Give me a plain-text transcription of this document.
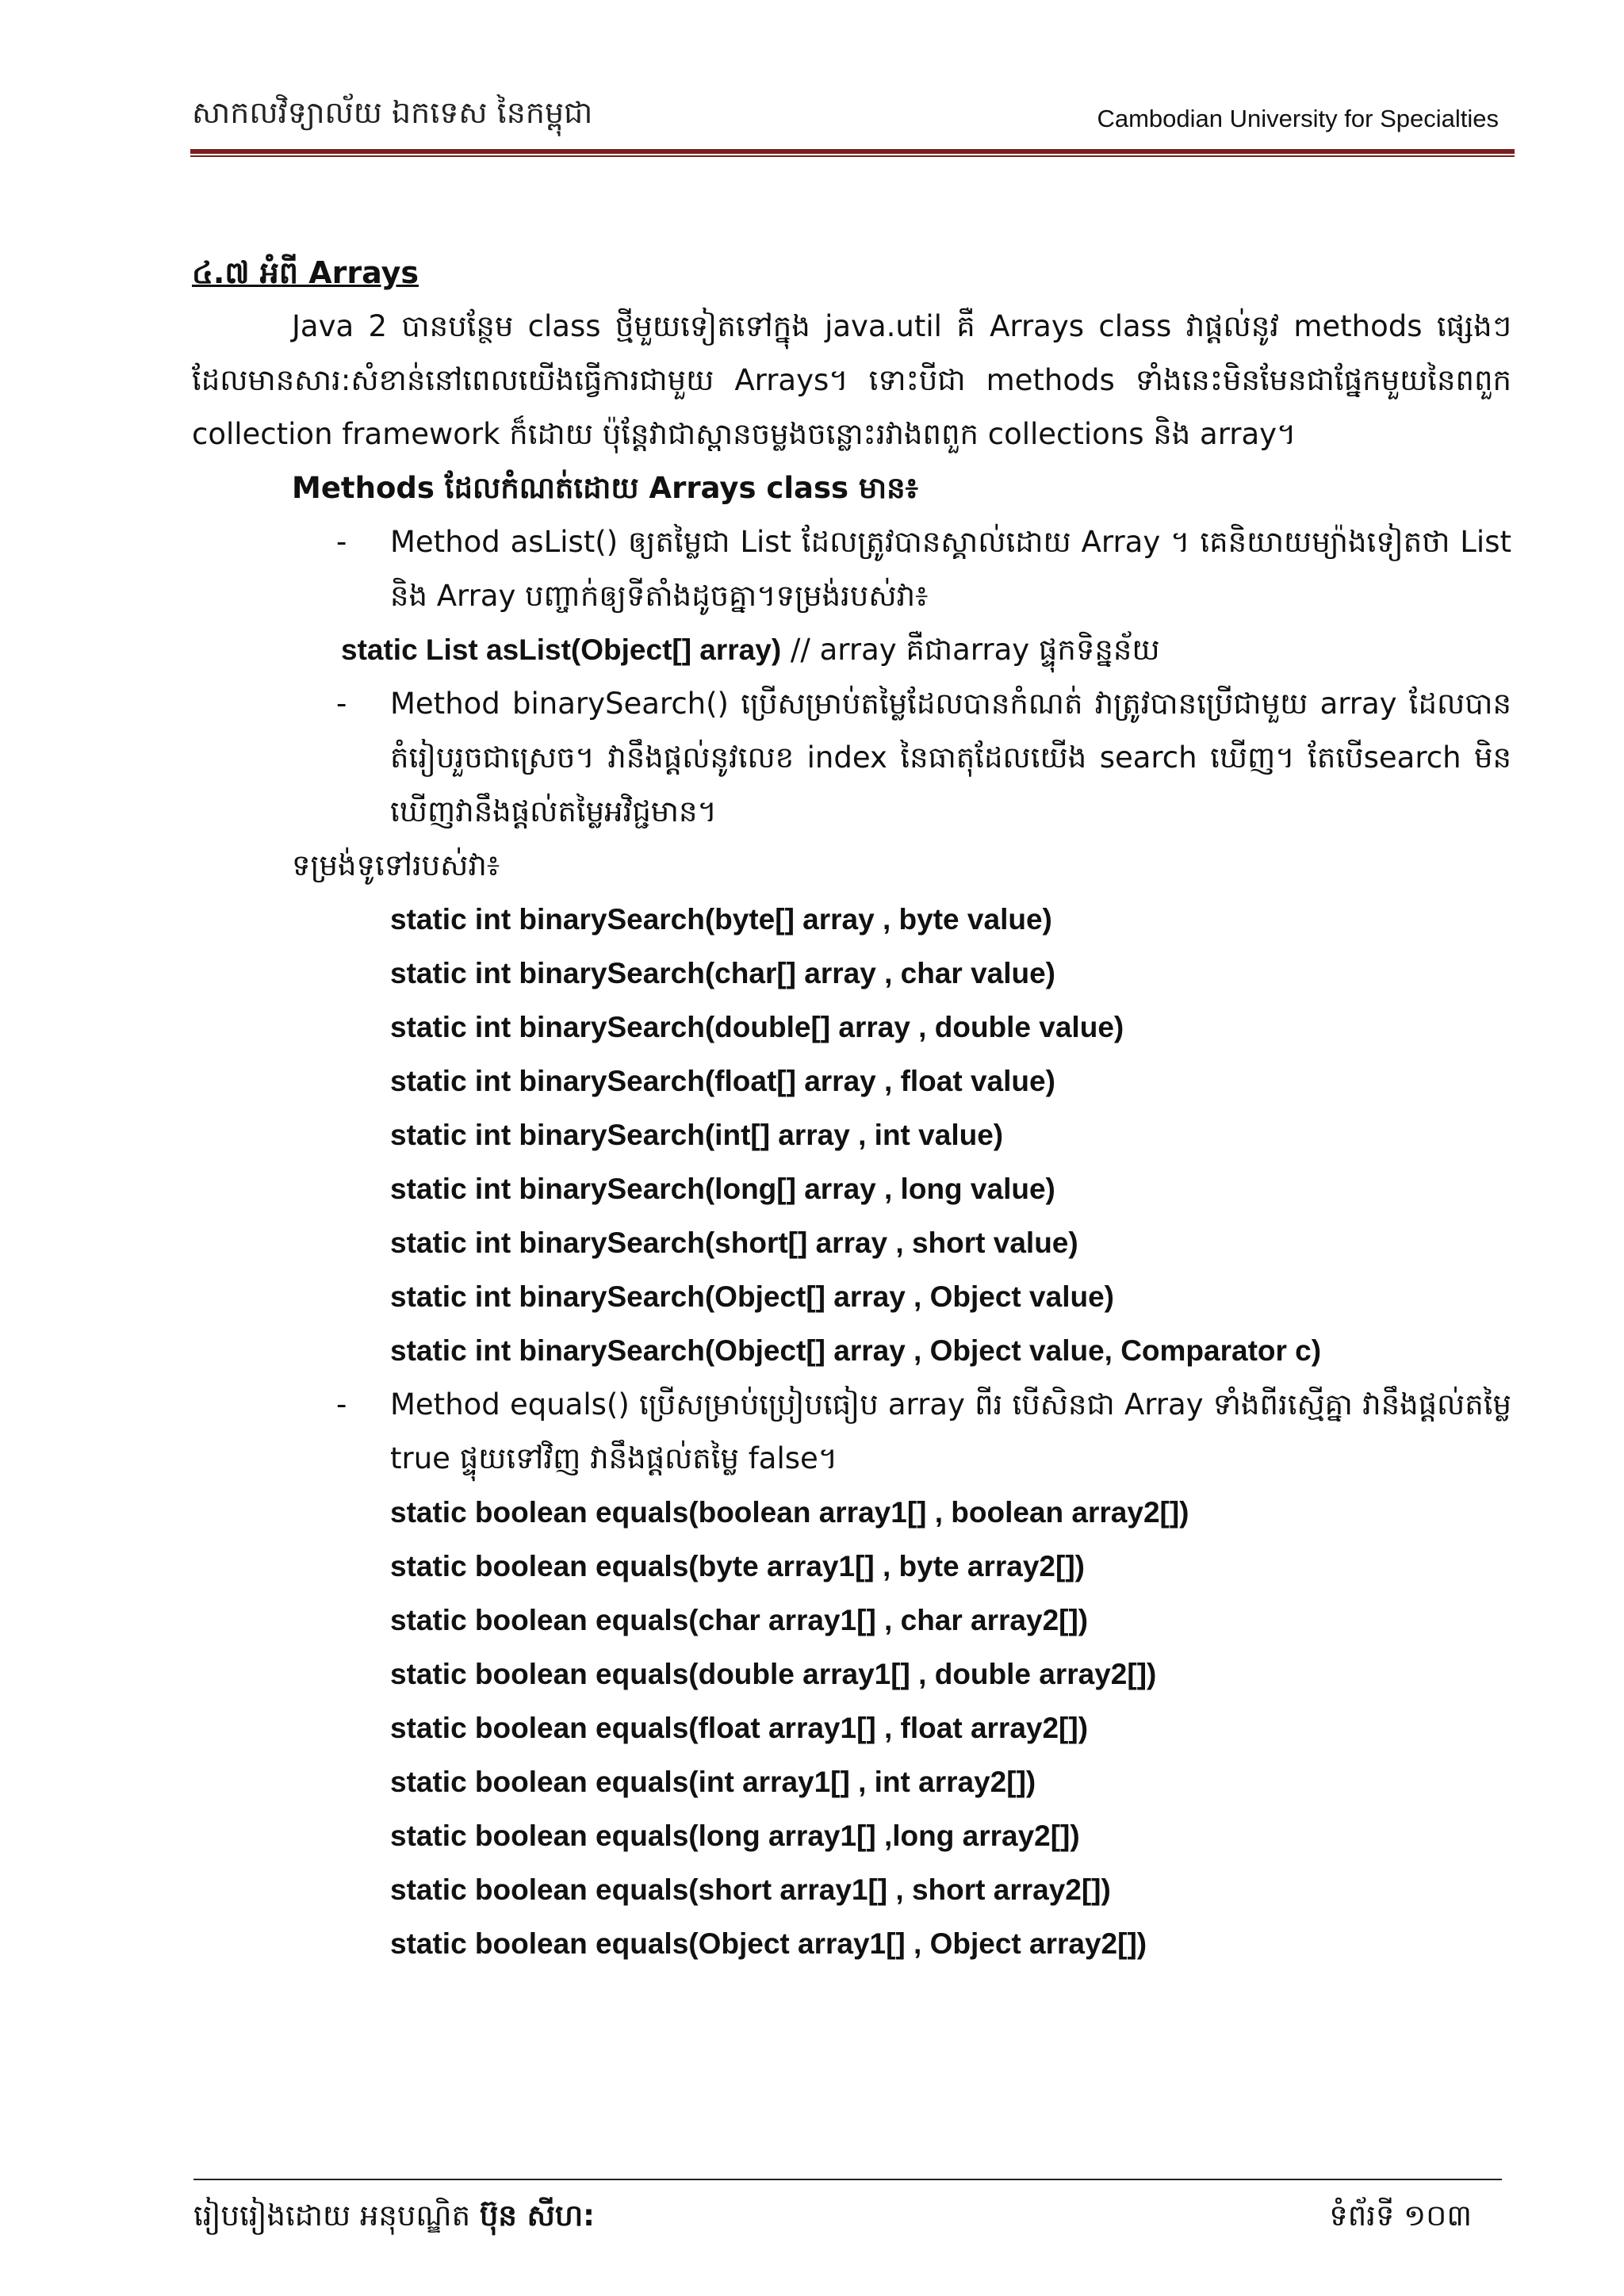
សាកលវិទ្យាល័យ ឯកទេស នៃកម្ពុជា	Cambodian University for Specialties
៤.៧ អំពី Arrays

Java 2 បានបន្ថែម class ថ្មីមួយទៀតទៅក្នុង java.util គឺ Arrays class វាផ្តល់នូវ methods ផ្សេងៗ ដែលមានសារ:សំខាន់នៅពេលយើងធ្វើការជាមួយ Arrays។ ទោះបីជា methods ទាំងនេះមិនមែនជាផ្នែកមួយនៃពពួក collection framework ក៏ដោយ ប៉ុន្តែវាជាស្ពានចម្លងចន្លោះរវាងពពួក collections និង array។

Methods ដែលកំណត់ដោយ Arrays class មាន៖
- Method asList() ឲ្យតម្លៃជា List ដែលត្រូវបានស្គាល់ដោយ Array ។ គេនិយាយម្យ៉ាងទៀតថា List និង Array បញ្ចាក់ឲ្យទីតាំងដូចគ្នា។ទម្រង់របស់វា៖
static List asList(Object[] array) // array គឺជាarray ផ្ទុកទិន្នន័យ
- Method binarySearch() ប្រើសម្រាប់តម្លៃដែលបានកំណត់ វាត្រូវបានប្រើជាមួយ array ដែលបានតំរៀបរួចជាស្រេច។ វានឹងផ្តល់នូវលេខ index នៃធាតុដែលយើង search ឃើញ។ តែបើsearch មិនឃើញវានឹងផ្តល់តម្លៃអវិជ្ជមាន។
ទម្រង់ទូទៅរបស់វា៖
static int binarySearch(byte[] array , byte value)
static int binarySearch(char[] array , char value)
static int binarySearch(double[] array , double value)
static int binarySearch(float[] array , float value)
static int binarySearch(int[] array , int value)
static int binarySearch(long[] array , long value)
static int binarySearch(short[] array , short value)
static int binarySearch(Object[] array , Object value)
static int binarySearch(Object[] array , Object value, Comparator c)
- Method equals() ប្រើសម្រាប់ប្រៀបធៀប array ពីរ បើសិនជា Array ទាំងពីរស្មើគ្នា វានឹងផ្តល់តម្លៃ true ផ្ទុយទៅវិញ វានឹងផ្តល់តម្លៃ false។
static boolean equals(boolean array1[] , boolean array2[])
static boolean equals(byte array1[] , byte array2[])
static boolean equals(char array1[] , char array2[])
static boolean equals(double array1[] , double array2[])
static boolean equals(float array1[] , float array2[])
static boolean equals(int array1[] , int array2[])
static boolean equals(long array1[] ,long array2[])
static boolean equals(short array1[] , short array2[])
static boolean equals(Object array1[] , Object array2[])
រៀបរៀងដោយ អនុបណ្ឌិត ប៊ុន សីហ:	ទំព័រទី ១០៣
